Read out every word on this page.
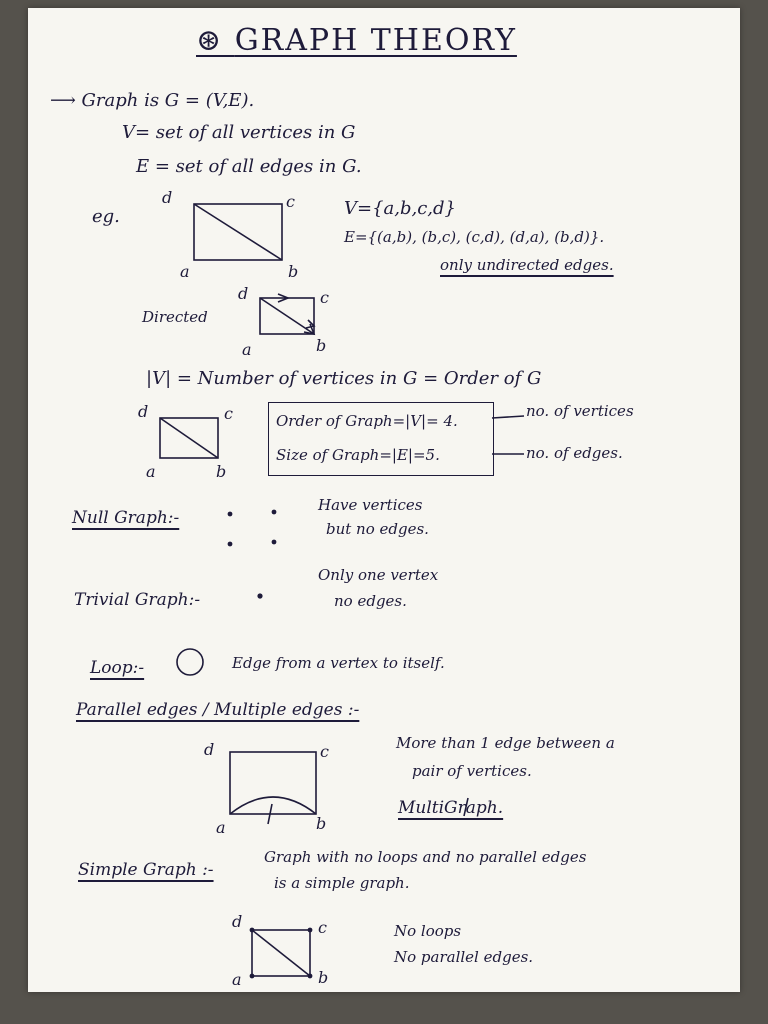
⊛ GRAPH THEORY
⟶ Graph is G = (V,E).
V= set of all vertices in G
E = set of all edges in G.
eg.
d	c
a	b
V={a,b,c,d}
E={(a,b), (b,c), (c,d), (d,a), (b,d)}.
only undirected edges.
Directed
d	c
a	b
|V| = Number of vertices in G = Order of G
d	c
a	b
Order of Graph=|V|= 4.
Size of Graph=|E|=5.
no. of vertices
no. of edges.
Null Graph:-
Have vertices
but no edges.
Trivial Graph:-
Only one vertex
no edges.
Loop:-	Edge from a vertex to itself.
Parallel edges / Multiple edges :-
d	c
a	b
More than 1 edge between a
pair of vertices.
MultiGraph.
Simple Graph :-
Graph with no loops and no parallel edges
is a simple graph.
d	c
a	b
No loops
No parallel edges.
